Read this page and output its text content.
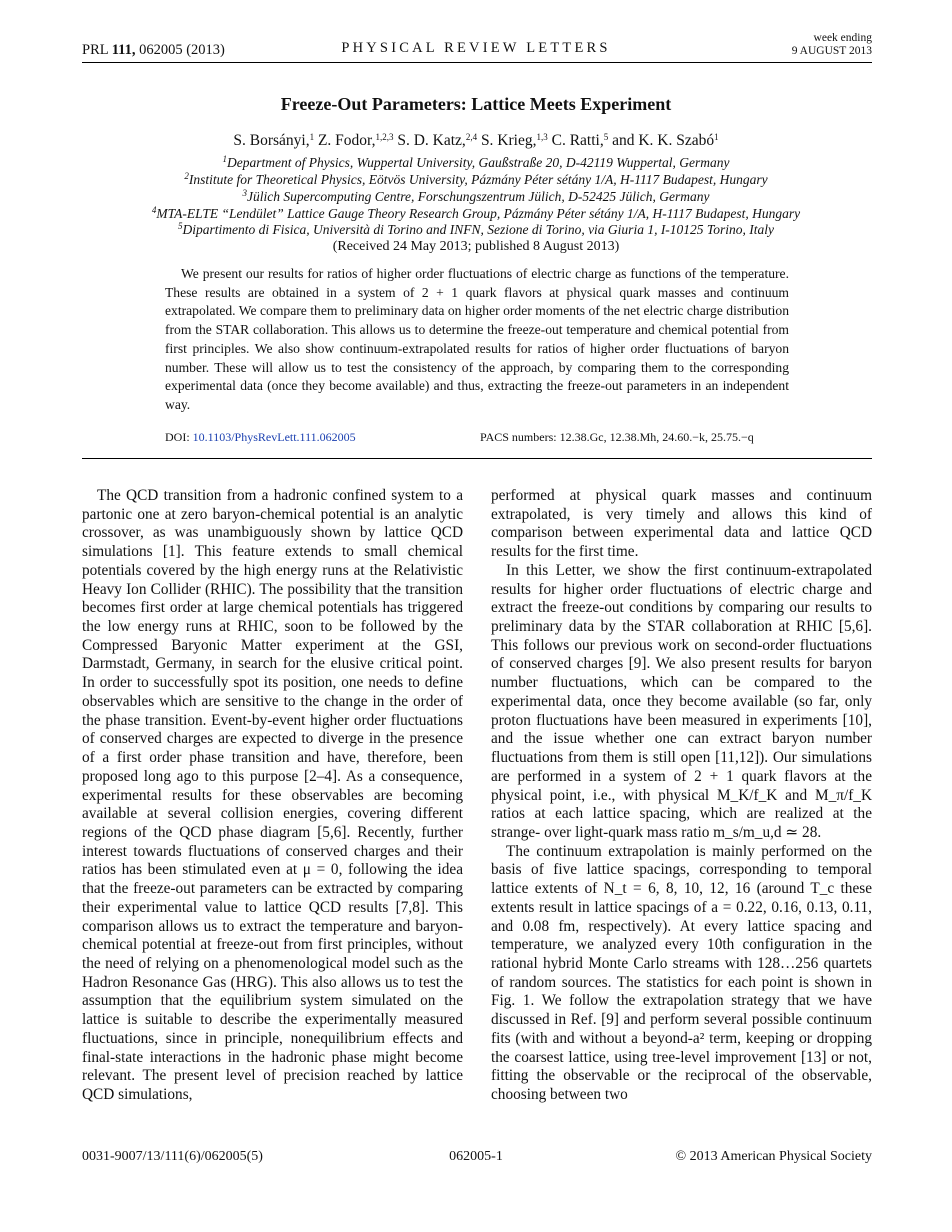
PRL 111, 062005 (2013)	PHYSICAL REVIEW LETTERS
week ending
9 AUGUST 2013
Freeze-Out Parameters: Lattice Meets Experiment
S. Borsányi,$^1$ Z. Fodor,$^{1,2,3}$ S. D. Katz,$^{2,4}$ S. Krieg,$^{1,3}$ C. Ratti,$^5$ and K. K. Szabó$^1$
$^1$Department of Physics, Wuppertal University, Gaußstraße 20, D-42119 Wuppertal, Germany
$^2$Institute for Theoretical Physics, Eötvös University, Pázmány Péter sétány 1/A, H-1117 Budapest, Hungary
$^3$Jülich Supercomputing Centre, Forschungszentrum Jülich, D-52425 Jülich, Germany
$^4$MTA-ELTE “Lendület” Lattice Gauge Theory Research Group, Pázmány Péter sétány 1/A, H-1117 Budapest, Hungary
$^5$Dipartimento di Fisica, Università di Torino and INFN, Sezione di Torino, via Giuria 1, I-10125 Torino, Italy
(Received 24 May 2013; published 8 August 2013)
We present our results for ratios of higher order fluctuations of electric charge as functions of the temperature. These results are obtained in a system of 2 + 1 quark flavors at physical quark masses and continuum extrapolated. We compare them to preliminary data on higher order moments of the net electric charge distribution from the STAR collaboration. This allows us to determine the freeze-out temperature and chemical potential from first principles. We also show continuum-extrapolated results for ratios of higher order fluctuations of baryon number. These will allow us to test the consistency of the approach, by comparing them to the corresponding experimental data (once they become available) and thus, extracting the freeze-out parameters in an independent way.
DOI: 10.1103/PhysRevLett.111.062005	PACS numbers: 12.38.Gc, 12.38.Mh, 24.60.−k, 25.75.−q

The QCD transition from a hadronic confined system to a partonic one at zero baryon-chemical potential is an analytic crossover, as was unambiguously shown by lattice QCD simulations [1]. This feature extends to small chemical potentials covered by the high energy runs at the Relativistic Heavy Ion Collider (RHIC). The possibility that the transition becomes first order at large chemical potentials has triggered the low energy runs at RHIC, soon to be followed by the Compressed Baryonic Matter experiment at the GSI, Darmstadt, Germany, in search for the elusive critical point. In order to successfully spot its position, one needs to define observables which are sensitive to the change in the order of the phase transition. Event-by-event higher order fluctuations of conserved charges are expected to diverge in the presence of a first order phase transition and have, therefore, been proposed long ago to this purpose [2–4]. As a consequence, experimental results for these observables are becoming available at several collision energies, covering different regions of the QCD phase diagram [5,6]. Recently, further interest towards fluctuations of conserved charges and their ratios has been stimulated even at μ = 0, following the idea that the freeze-out parameters can be extracted by comparing their experimental value to lattice QCD results [7,8]. This comparison allows us to extract the temperature and baryon-chemical potential at freeze-out from first principles, without the need of relying on a phenomenological model such as the Hadron Resonance Gas (HRG). This also allows us to test the assumption that the equilibrium system simulated on the lattice is suitable to describe the experimentally measured fluctuations, since in principle, nonequilibrium effects and final-state interactions in the hadronic phase might become relevant. The present level of precision reached by lattice QCD simulations,

performed at physical quark masses and continuum extrapolated, is very timely and allows this kind of comparison between experimental data and lattice QCD results for the first time.

In this Letter, we show the first continuum-extrapolated results for higher order fluctuations of electric charge and extract the freeze-out conditions by comparing our results to preliminary data by the STAR collaboration at RHIC [5,6]. This follows our previous work on second-order fluctuations of conserved charges [9]. We also present results for baryon number fluctuations, which can be compared to the experimental data, once they become available (so far, only proton fluctuations have been measured in experiments [10], and the issue whether one can extract baryon number fluctuations from them is still open [11,12]). Our simulations are performed in a system of 2 + 1 quark flavors at the physical point, i.e., with physical M_K/f_K and M_π/f_K ratios at each lattice spacing, which are realized at the strange- over light-quark mass ratio m_s/m_u,d ≃ 28.

The continuum extrapolation is mainly performed on the basis of five lattice spacings, corresponding to temporal lattice extents of N_t = 6, 8, 10, 12, 16 (around T_c these extents result in lattice spacings of a = 0.22, 0.16, 0.13, 0.11, and 0.08 fm, respectively). At every lattice spacing and temperature, we analyzed every 10th configuration in the rational hybrid Monte Carlo streams with 128…256 quartets of random sources. The statistics for each point is shown in Fig. 1. We follow the extrapolation strategy that we have discussed in Ref. [9] and perform several possible continuum fits (with and without a beyond-a² term, keeping or dropping the coarsest lattice, using tree-level improvement [13] or not, fitting the observable or the reciprocal of the observable, choosing between two

0031-9007/13/111(6)/062005(5)	062005-1	© 2013 American Physical Society
